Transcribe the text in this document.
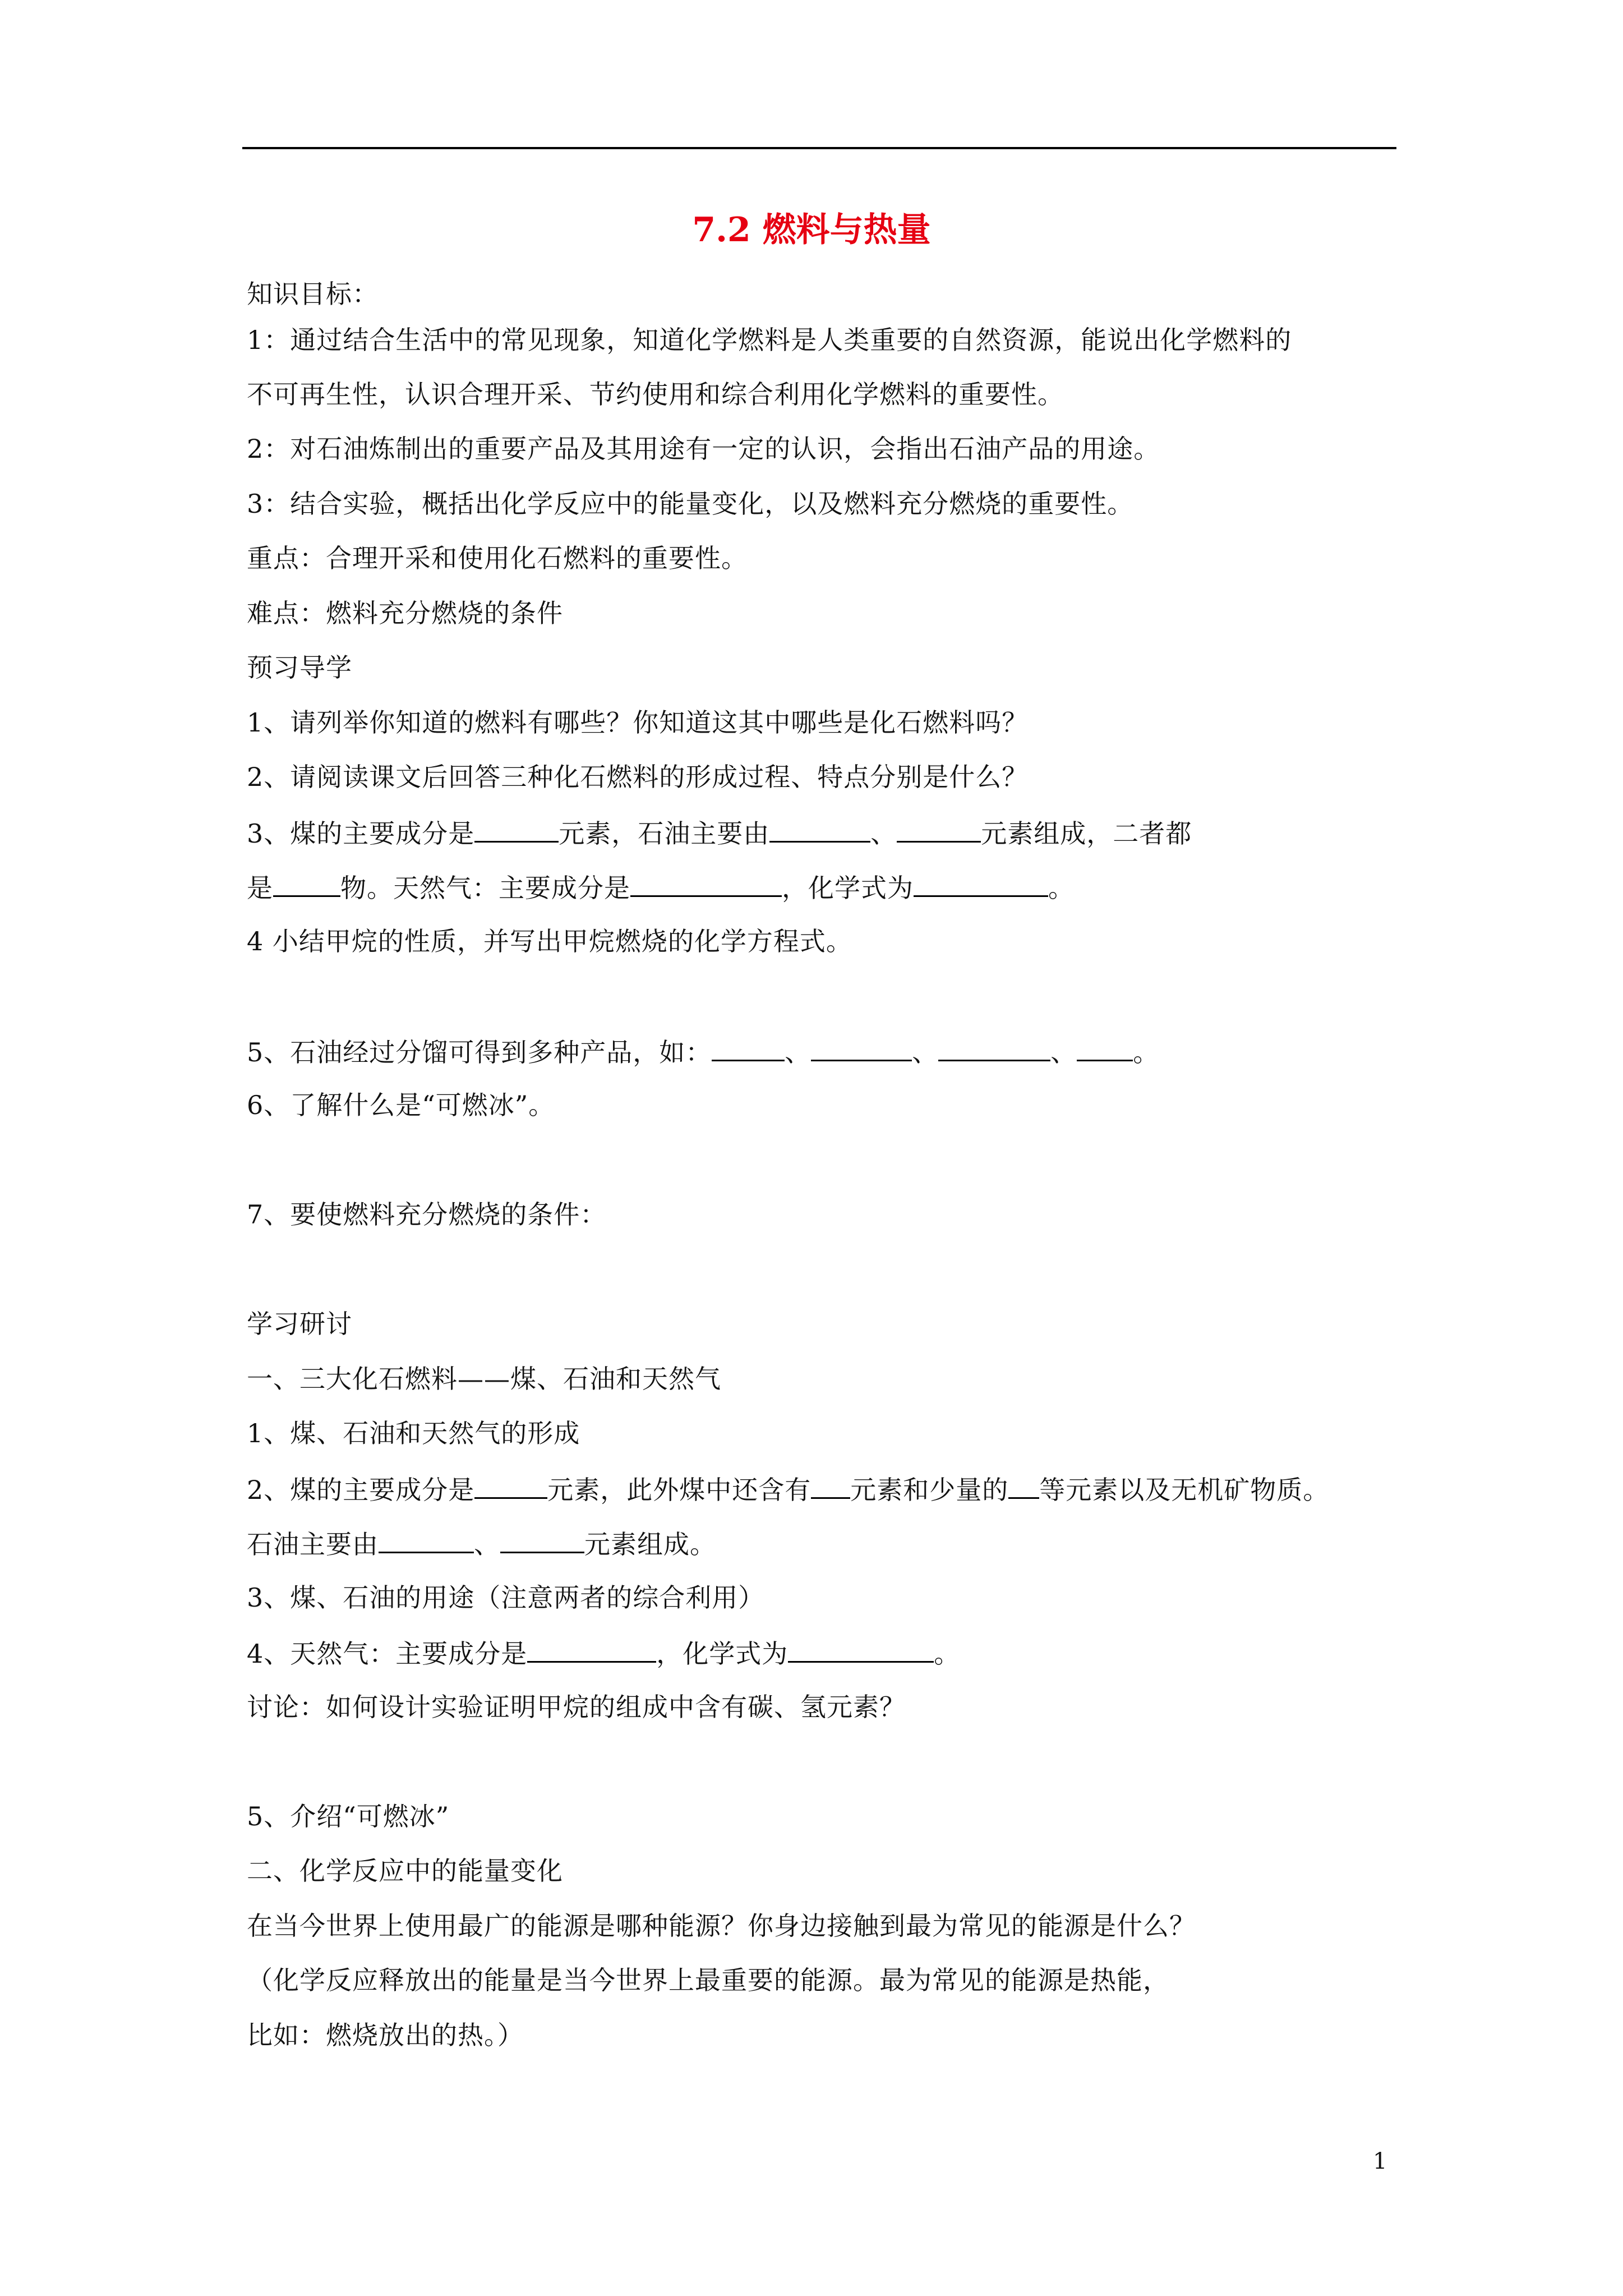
7.2 燃料与热量
知识目标：
1：通过结合生活中的常见现象，知道化学燃料是人类重要的自然资源，能说出化学燃料的
不可再生性，认识合理开采、节约使用和综合利用化学燃料的重要性。
2：对石油炼制出的重要产品及其用途有一定的认识，会指出石油产品的用途。
3：结合实验，概括出化学反应中的能量变化，以及燃料充分燃烧的重要性。
重点：合理开采和使用化石燃料的重要性。
难点：燃料充分燃烧的条件
预习导学
1、请列举你知道的燃料有哪些？你知道这其中哪些是化石燃料吗？
2、请阅读课文后回答三种化石燃料的形成过程、特点分别是什么？
3、煤的主要成分是	元素，石油主要由	、	元素组成，二者都
是	物。天然气：主要成分是	，化学式为	。
4 小结甲烷的性质，并写出甲烷燃烧的化学方程式。
5、石油经过分馏可得到多种产品，如：	、	、	、 。
6、了解什么是“可燃冰”。
7、要使燃料充分燃烧的条件：
学习研讨
一、三大化石燃料——煤、石油和天然气
1、煤、石油和天然气的形成
2、煤的主要成分是	元素，此外煤中还含有 元素和少量的 等元素以及无机矿物质。
石油主要由	、	元素组成。
3、煤、石油的用途（注意两者的综合利用）
4、天然气：主要成分是	，化学式为	。
讨论：如何设计实验证明甲烷的组成中含有碳、氢元素？
5、介绍“可燃冰”
二、化学反应中的能量变化
在当今世界上使用最广的能源是哪种能源？你身边接触到最为常见的能源是什么？
（化学反应释放出的能量是当今世界上最重要的能源。最为常见的能源是热能，
比如：燃烧放出的热。）
1
